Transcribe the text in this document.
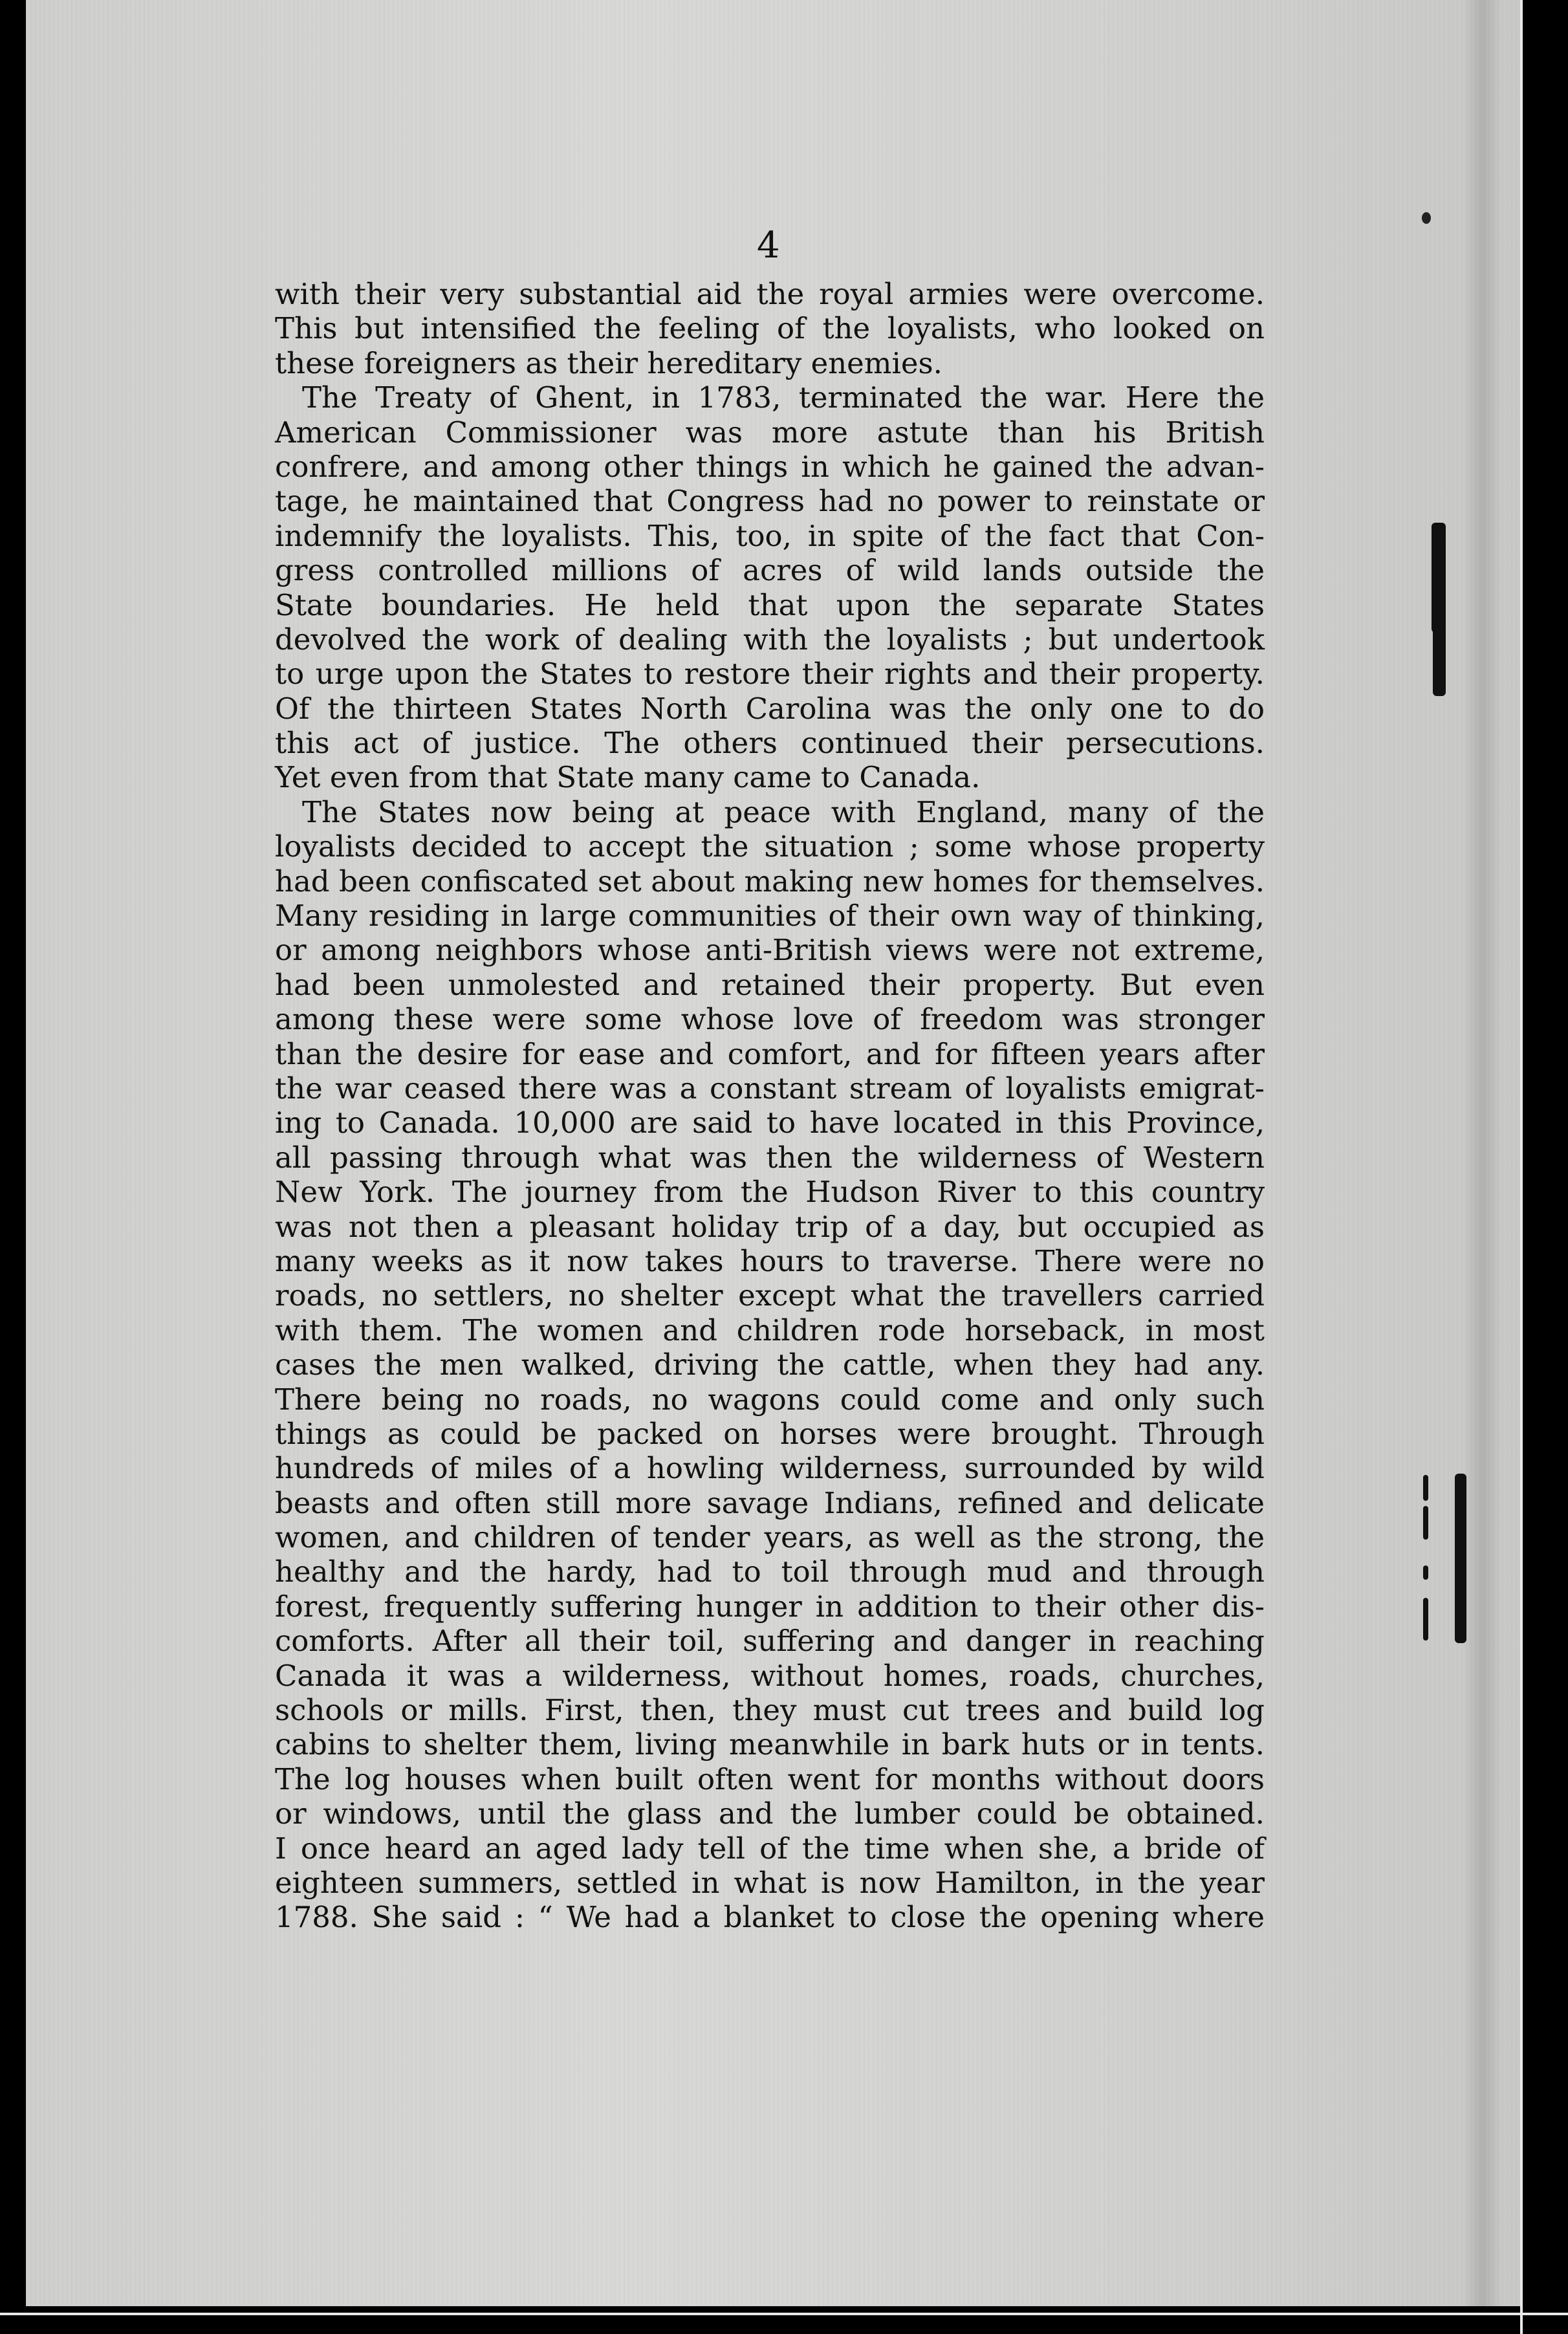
4
with their very substantial aid the royal armies were overcome.
This but intensified the feeling of the loyalists, who looked on
these foreigners as their hereditary enemies.
The Treaty of Ghent, in 1783, terminated the war. Here the
American Commissioner was more astute than his British
confrere, and among other things in which he gained the advan-
tage, he maintained that Congress had no power to reinstate or
indemnify the loyalists. This, too, in spite of the fact that Con-
gress controlled millions of acres of wild lands outside the
State boundaries. He held that upon the separate States
devolved the work of dealing with the loyalists ; but undertook
to urge upon the States to restore their rights and their property.
Of the thirteen States North Carolina was the only one to do
this act of justice. The others continued their persecutions.
Yet even from that State many came to Canada.
The States now being at peace with England, many of the
loyalists decided to accept the situation ; some whose property
had been confiscated set about making new homes for themselves.
Many residing in large communities of their own way of thinking,
or among neighbors whose anti-British views were not extreme,
had been unmolested and retained their property. But even
among these were some whose love of freedom was stronger
than the desire for ease and comfort, and for fifteen years after
the war ceased there was a constant stream of loyalists emigrat-
ing to Canada. 10,000 are said to have located in this Province,
all passing through what was then the wilderness of Western
New York. The journey from the Hudson River to this country
was not then a pleasant holiday trip of a day, but occupied as
many weeks as it now takes hours to traverse. There were no
roads, no settlers, no shelter except what the travellers carried
with them. The women and children rode horseback, in most
cases the men walked, driving the cattle, when they had any.
There being no roads, no wagons could come and only such
things as could be packed on horses were brought. Through
hundreds of miles of a howling wilderness, surrounded by wild
beasts and often still more savage Indians, refined and delicate
women, and children of tender years, as well as the strong, the
healthy and the hardy, had to toil through mud and through
forest, frequently suffering hunger in addition to their other dis-
comforts. After all their toil, suffering and danger in reaching
Canada it was a wilderness, without homes, roads, churches,
schools or mills. First, then, they must cut trees and build log
cabins to shelter them, living meanwhile in bark huts or in tents.
The log houses when built often went for months without doors
or windows, until the glass and the lumber could be obtained.
I once heard an aged lady tell of the time when she, a bride of
eighteen summers, settled in what is now Hamilton, in the year
1788. She said : “ We had a blanket to close the opening where
